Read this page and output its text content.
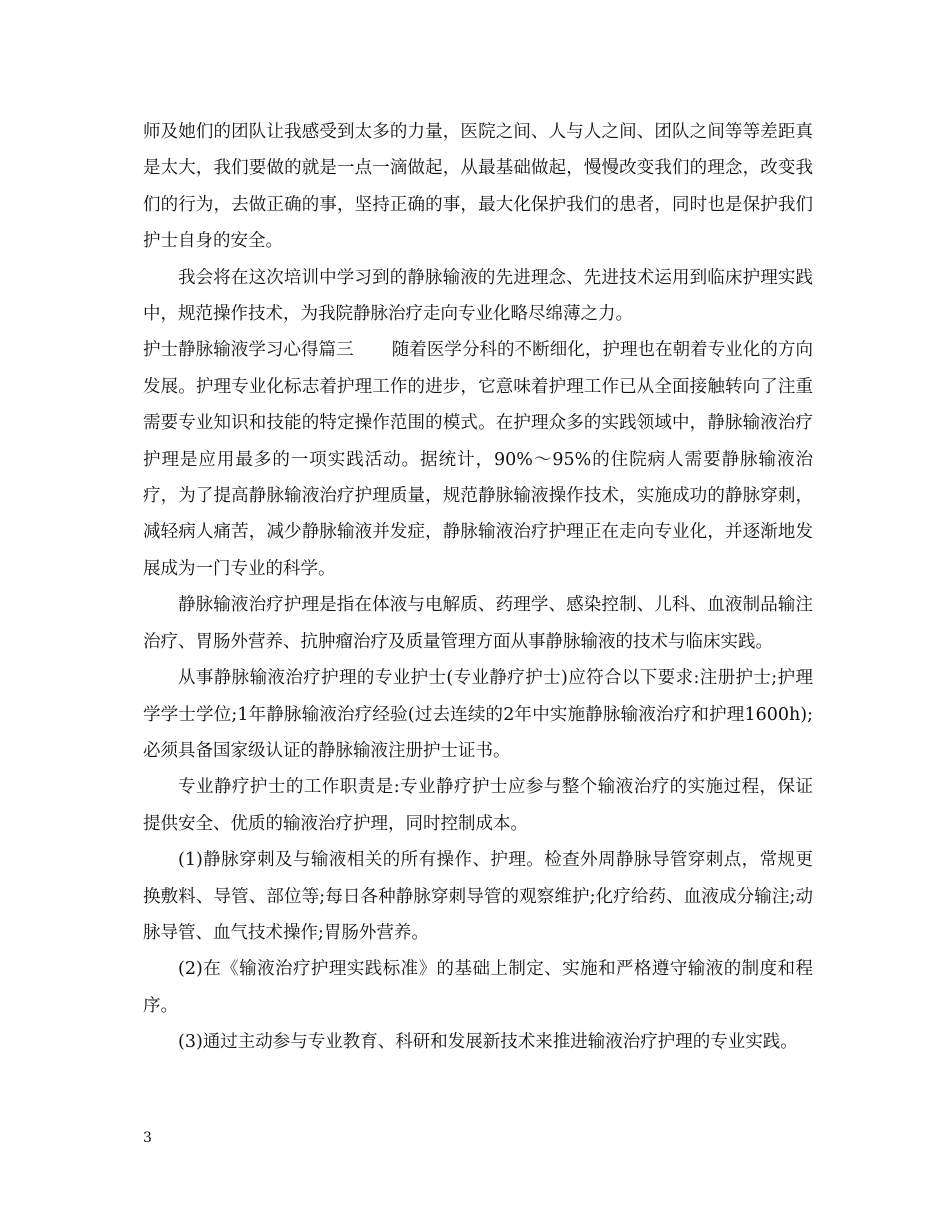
师及她们的团队让我感受到太多的力量，医院之间、人与人之间、团队之间等等差距真是太大，我们要做的就是一点一滴做起，从最基础做起，慢慢改变我们的理念，改变我们的行为，去做正确的事，坚持正确的事，最大化保护我们的患者，同时也是保护我们护士自身的安全。

我会将在这次培训中学习到的静脉输液的先进理念、先进技术运用到临床护理实践中，规范操作技术，为我院静脉治疗走向专业化略尽绵薄之力。

护士静脉输液学习心得篇三 随着医学分科的不断细化，护理也在朝着专业化的方向发展。护理专业化标志着护理工作的进步，它意味着护理工作已从全面接触转向了注重需要专业知识和技能的特定操作范围的模式。在护理众多的实践领域中，静脉输液治疗护理是应用最多的一项实践活动。据统计，90%～95%的住院病人需要静脉输液治疗，为了提高静脉输液治疗护理质量，规范静脉输液操作技术，实施成功的静脉穿刺，减轻病人痛苦，减少静脉输液并发症，静脉输液治疗护理正在走向专业化，并逐渐地发展成为一门专业的科学。

静脉输液治疗护理是指在体液与电解质、药理学、感染控制、儿科、血液制品输注治疗、胃肠外营养、抗肿瘤治疗及质量管理方面从事静脉输液的技术与临床实践。

从事静脉输液治疗护理的专业护士(专业静疗护士)应符合以下要求:注册护士;护理学学士学位;1年静脉输液治疗经验(过去连续的2年中实施静脉输液治疗和护理1600h);必须具备国家级认证的静脉输液注册护士证书。

专业静疗护士的工作职责是:专业静疗护士应参与整个输液治疗的实施过程，保证提供安全、优质的输液治疗护理，同时控制成本。

(1)静脉穿刺及与输液相关的所有操作、护理。检查外周静脉导管穿刺点，常规更换敷料、导管、部位等;每日各种静脉穿刺导管的观察维护;化疗给药、血液成分输注;动脉导管、血气技术操作;胃肠外营养。

(2)在《输液治疗护理实践标准》的基础上制定、实施和严格遵守输液的制度和程序。

(3)通过主动参与专业教育、科研和发展新技术来推进输液治疗护理的专业实践。

3
